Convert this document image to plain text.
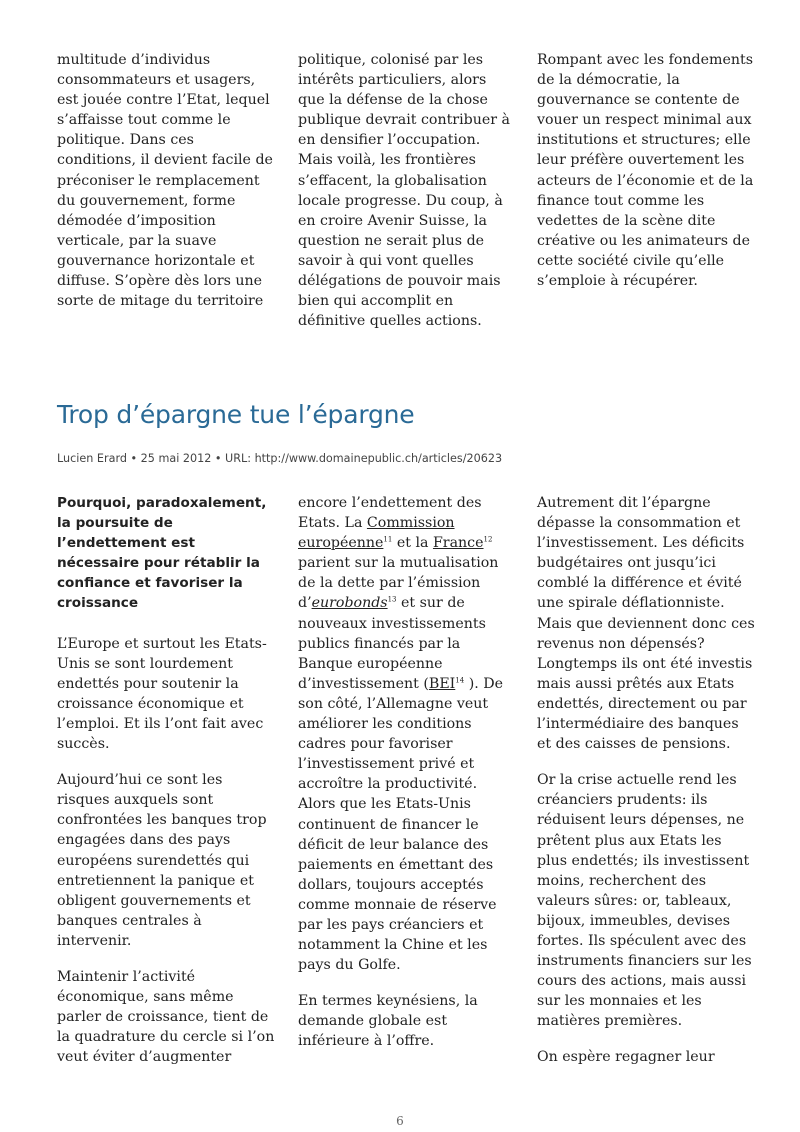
multitude d’individus consommateurs et usagers, est jouée contre l’Etat, lequel s’affaisse tout comme le politique. Dans ces conditions, il devient facile de préconiser le remplacement du gouvernement, forme démodée d’imposition verticale, par la suave gouvernance horizontale et diffuse. S’opère dès lors une sorte de mitage du territoire

politique, colonisé par les intérêts particuliers, alors que la défense de la chose publique devrait contribuer à en densifier l’occupation. Mais voilà, les frontières s’effacent, la globalisation locale progresse. Du coup, à en croire Avenir Suisse, la question ne serait plus de savoir à qui vont quelles délégations de pouvoir mais bien qui accomplit en définitive quelles actions.

Rompant avec les fondements de la démocratie, la gouvernance se contente de vouer un respect minimal aux institutions et structures; elle leur préfère ouvertement les acteurs de l’économie et de la finance tout comme les vedettes de la scène dite créative ou les animateurs de cette société civile qu’elle s’emploie à récupérer.

Trop d’épargne tue l’épargne
Lucien Erard • 25 mai 2012 • URL: http://www.domainepublic.ch/articles/20623

Pourquoi, paradoxalement, la poursuite de l’endettement est nécessaire pour rétablir la confiance et favoriser la croissance

L’Europe et surtout les Etats-Unis se sont lourdement endettés pour soutenir la croissance économique et l’emploi. Et ils l’ont fait avec succès.

Aujourd’hui ce sont les risques auxquels sont confrontées les banques trop engagées dans des pays européens surendettés qui entretiennent la panique et obligent gouvernements et banques centrales à intervenir.

Maintenir l’activité économique, sans même parler de croissance, tient de la quadrature du cercle si l’on veut éviter d’augmenter

encore l’endettement des Etats. La Commission européenne$^{11}$ et la France$^{12}$ parient sur la mutualisation de la dette par l’émission d’eurobonds$^{13}$ et sur de nouveaux investissements publics financés par la Banque européenne d’investissement (BEI$^{14}$ ). De son côté, l’Allemagne veut améliorer les conditions cadres pour favoriser l’investissement privé et accroître la productivité. Alors que les Etats-Unis continuent de financer le déficit de leur balance des paiements en émettant des dollars, toujours acceptés comme monnaie de réserve par les pays créanciers et notamment la Chine et les pays du Golfe.

En termes keynésiens, la demande globale est inférieure à l’offre.

Autrement dit l’épargne dépasse la consommation et l’investissement. Les déficits budgétaires ont jusqu’ici comblé la différence et évité une spirale déflationniste. Mais que deviennent donc ces revenus non dépensés? Longtemps ils ont été investis mais aussi prêtés aux Etats endettés, directement ou par l’intermédiaire des banques et des caisses de pensions.

Or la crise actuelle rend les créanciers prudents: ils réduisent leurs dépenses, ne prêtent plus aux Etats les plus endettés; ils investissent moins, recherchent des valeurs sûres: or, tableaux, bijoux, immeubles, devises fortes. Ils spéculent avec des instruments financiers sur les cours des actions, mais aussi sur les monnaies et les matières premières.

On espère regagner leur

6
